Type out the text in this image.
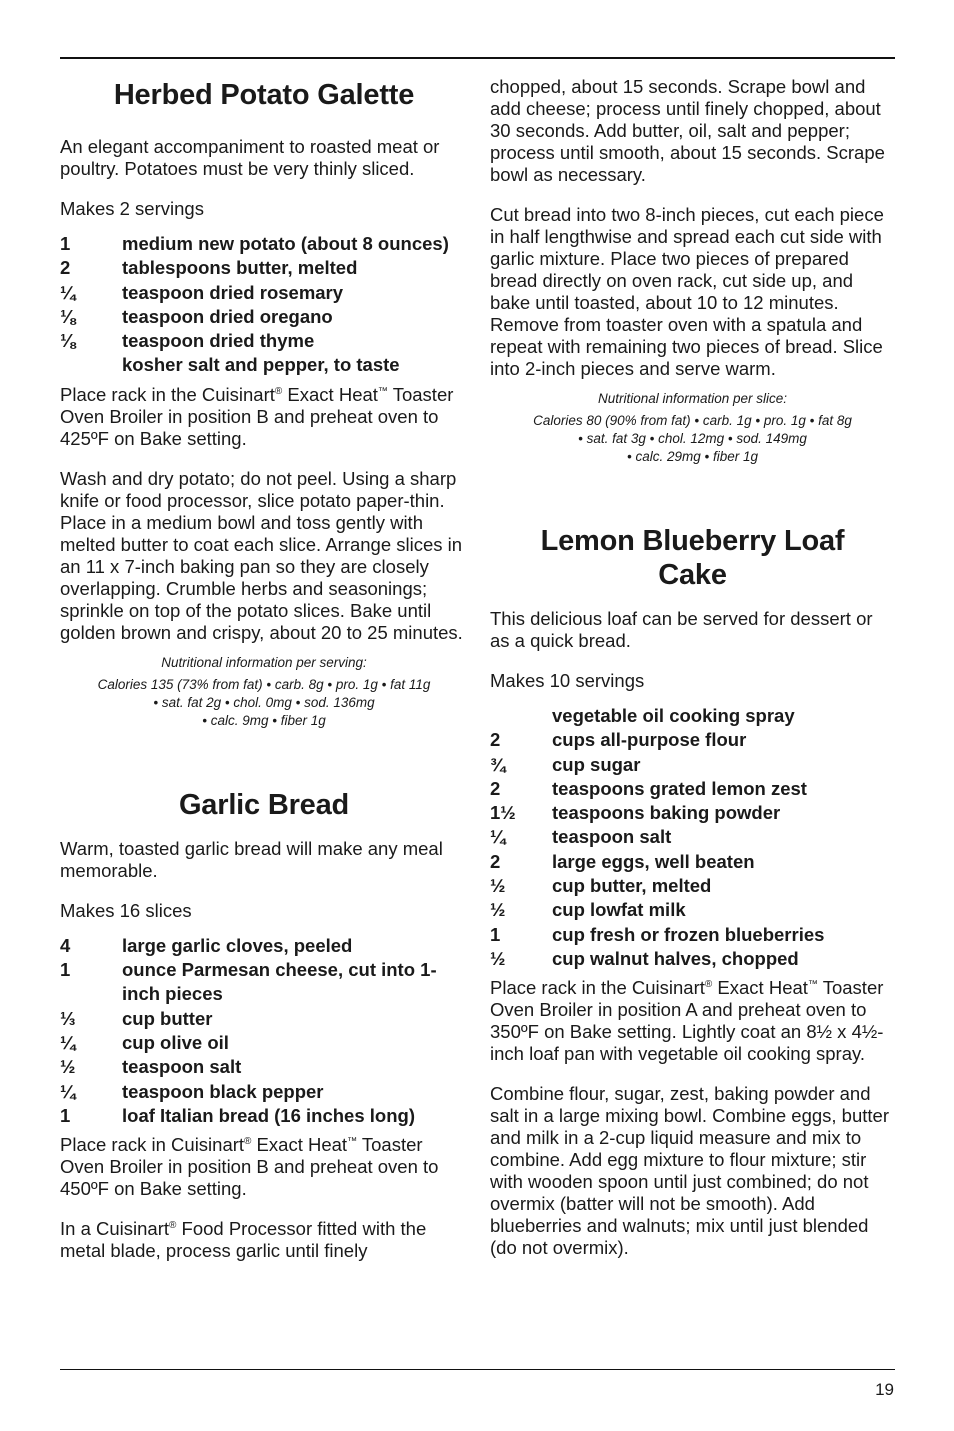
Herbed Potato Galette

An elegant accompaniment to roasted meat or poultry. Potatoes must be very thinly sliced.

Makes 2 servings

1	medium new potato (about 8 ounces)
2	tablespoons butter, melted
¼	teaspoon dried rosemary
⅛	teaspoon dried oregano
⅛	teaspoon dried thyme
kosher salt and pepper, to taste

Place rack in the Cuisinart® Exact Heat™ Toaster Oven Broiler in position B and preheat oven to 425ºF on Bake setting.

Wash and dry potato; do not peel. Using a sharp knife or food processor, slice potato paper-thin. Place in a medium bowl and toss gently with melted butter to coat each slice. Arrange slices in an 11 x 7-inch baking pan so they are closely overlapping. Crumble herbs and seasonings; sprinkle on top of the potato slices. Bake until golden brown and crispy, about 20 to 25 minutes.

Nutritional information per serving:

Calories 135 (73% from fat) • carb. 8g • pro. 1g • fat 11g

• sat. fat 2g • chol. 0mg • sod. 136mg

• calc. 9mg • fiber 1g

Garlic Bread

Warm, toasted garlic bread will make any meal memorable.

Makes 16 slices

4	large garlic cloves, peeled
1	ounce Parmesan cheese, cut into 1-inch pieces
⅓	cup butter
¼	cup olive oil
½	teaspoon salt
¼	teaspoon black pepper
1	loaf Italian bread (16 inches long)

Place rack in Cuisinart® Exact Heat™ Toaster Oven Broiler in position B and preheat oven to 450ºF on Bake setting.

In a Cuisinart® Food Processor fitted with the metal blade, process garlic until finely

chopped, about 15 seconds. Scrape bowl and add cheese; process until finely chopped, about 30 seconds. Add butter, oil, salt and pepper; process until smooth, about 15 seconds. Scrape bowl as necessary.

Cut bread into two 8-inch pieces, cut each piece in half lengthwise and spread each cut side with garlic mixture. Place two pieces of prepared bread directly on oven rack, cut side up, and bake until toasted, about 10 to 12 minutes. Remove from toaster oven with a spatula and repeat with remaining two pieces of bread. Slice into 2-inch pieces and serve warm.

Nutritional information per slice:

Calories 80 (90% from fat) • carb. 1g • pro. 1g • fat 8g

• sat. fat 3g • chol. 12mg • sod. 149mg

• calc. 29mg • fiber 1g

Lemon Blueberry Loaf
Cake

This delicious loaf can be served for dessert or as a quick bread.

Makes 10 servings

vegetable oil cooking spray
2	cups all-purpose flour
¾	cup sugar
2	teaspoons grated lemon zest
1½	teaspoons baking powder
¼	teaspoon salt
2	large eggs, well beaten
½	cup butter, melted
½	cup lowfat milk
1	cup fresh or frozen blueberries
½	cup walnut halves, chopped

Place rack in the Cuisinart® Exact Heat™ Toaster Oven Broiler in position A and preheat oven to 350ºF on Bake setting. Lightly coat an 8½ x 4½-inch loaf pan with vegetable oil cooking spray.

Combine flour, sugar, zest, baking powder and salt in a large mixing bowl. Combine eggs, butter and milk in a 2-cup liquid measure and mix to combine. Add egg mixture to flour mixture; stir with wooden spoon until just combined; do not overmix (batter will not be smooth). Add blueberries and walnuts; mix until just blended (do not overmix).

19
